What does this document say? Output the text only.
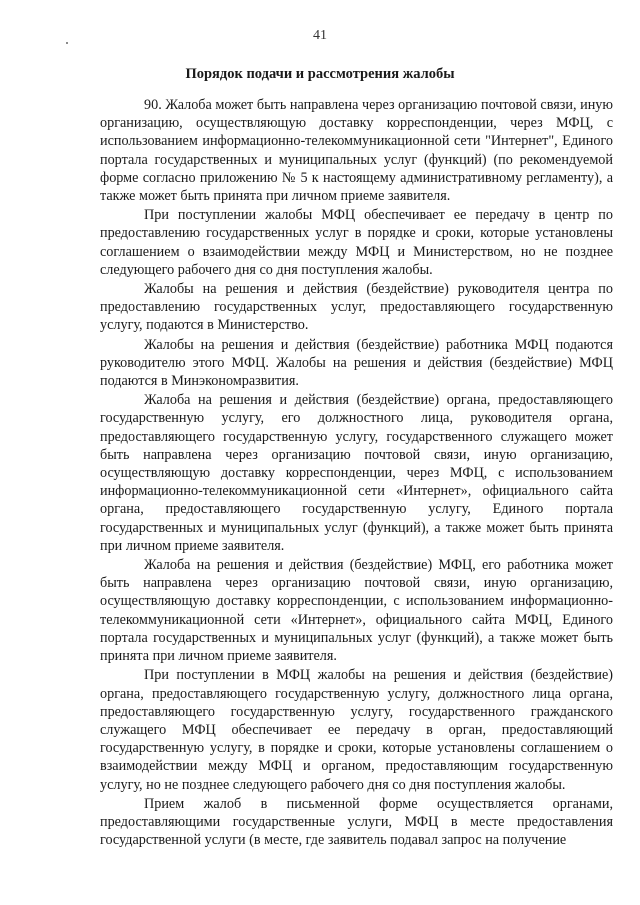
41
Порядок подачи и рассмотрения жалобы

90. Жалоба может быть направлена через организацию почтовой связи, иную организацию, осуществляющую доставку корреспонденции, через МФЦ, с использованием информационно-телекоммуникационной сети "Интернет", Единого портала государственных и муниципальных услуг (функций) (по рекомендуемой форме согласно приложению № 5 к настоящему административному регламенту), а также может быть принята при личном приеме заявителя.

При поступлении жалобы МФЦ обеспечивает ее передачу в центр по предоставлению государственных услуг в порядке и сроки, которые установлены соглашением о взаимодействии между МФЦ и Министерством, но не позднее следующего рабочего дня со дня поступления жалобы.

Жалобы на решения и действия (бездействие) руководителя центра по предоставлению государственных услуг, предоставляющего государственную услугу, подаются в Министерство.

Жалобы на решения и действия (бездействие) работника МФЦ подаются руководителю этого МФЦ. Жалобы на решения и действия (бездействие) МФЦ подаются в Минэкономразвития.

Жалоба на решения и действия (бездействие) органа, предоставляющего государственную услугу, его должностного лица, руководителя органа, предоставляющего государственную услугу, государственного служащего может быть направлена через организацию почтовой связи, иную организацию, осуществляющую доставку корреспонденции, через МФЦ, с использованием информационно-телекоммуникационной сети «Интернет», официального сайта органа, предоставляющего государственную услугу, Единого портала государственных и муниципальных услуг (функций), а также может быть принята при личном приеме заявителя.

Жалоба на решения и действия (бездействие) МФЦ, его работника может быть направлена через организацию почтовой связи, иную организацию, осуществляющую доставку корреспонденции, с использованием информационно-телекоммуникационной сети «Интернет», официального сайта МФЦ, Единого портала государственных и муниципальных услуг (функций), а также может быть принята при личном приеме заявителя.

При поступлении в МФЦ жалобы на решения и действия (бездействие) органа, предоставляющего государственную услугу, должностного лица органа, предоставляющего государственную услугу, государственного гражданского служащего МФЦ обеспечивает ее передачу в орган, предоставляющий государственную услугу, в порядке и сроки, которые установлены соглашением о взаимодействии между МФЦ и органом, предоставляющим государственную услугу, но не позднее следующего рабочего дня со дня поступления жалобы.

Прием жалоб в письменной форме осуществляется органами, предоставляющими государственные услуги, МФЦ в месте предоставления государственной услуги (в месте, где заявитель подавал запрос на получение
